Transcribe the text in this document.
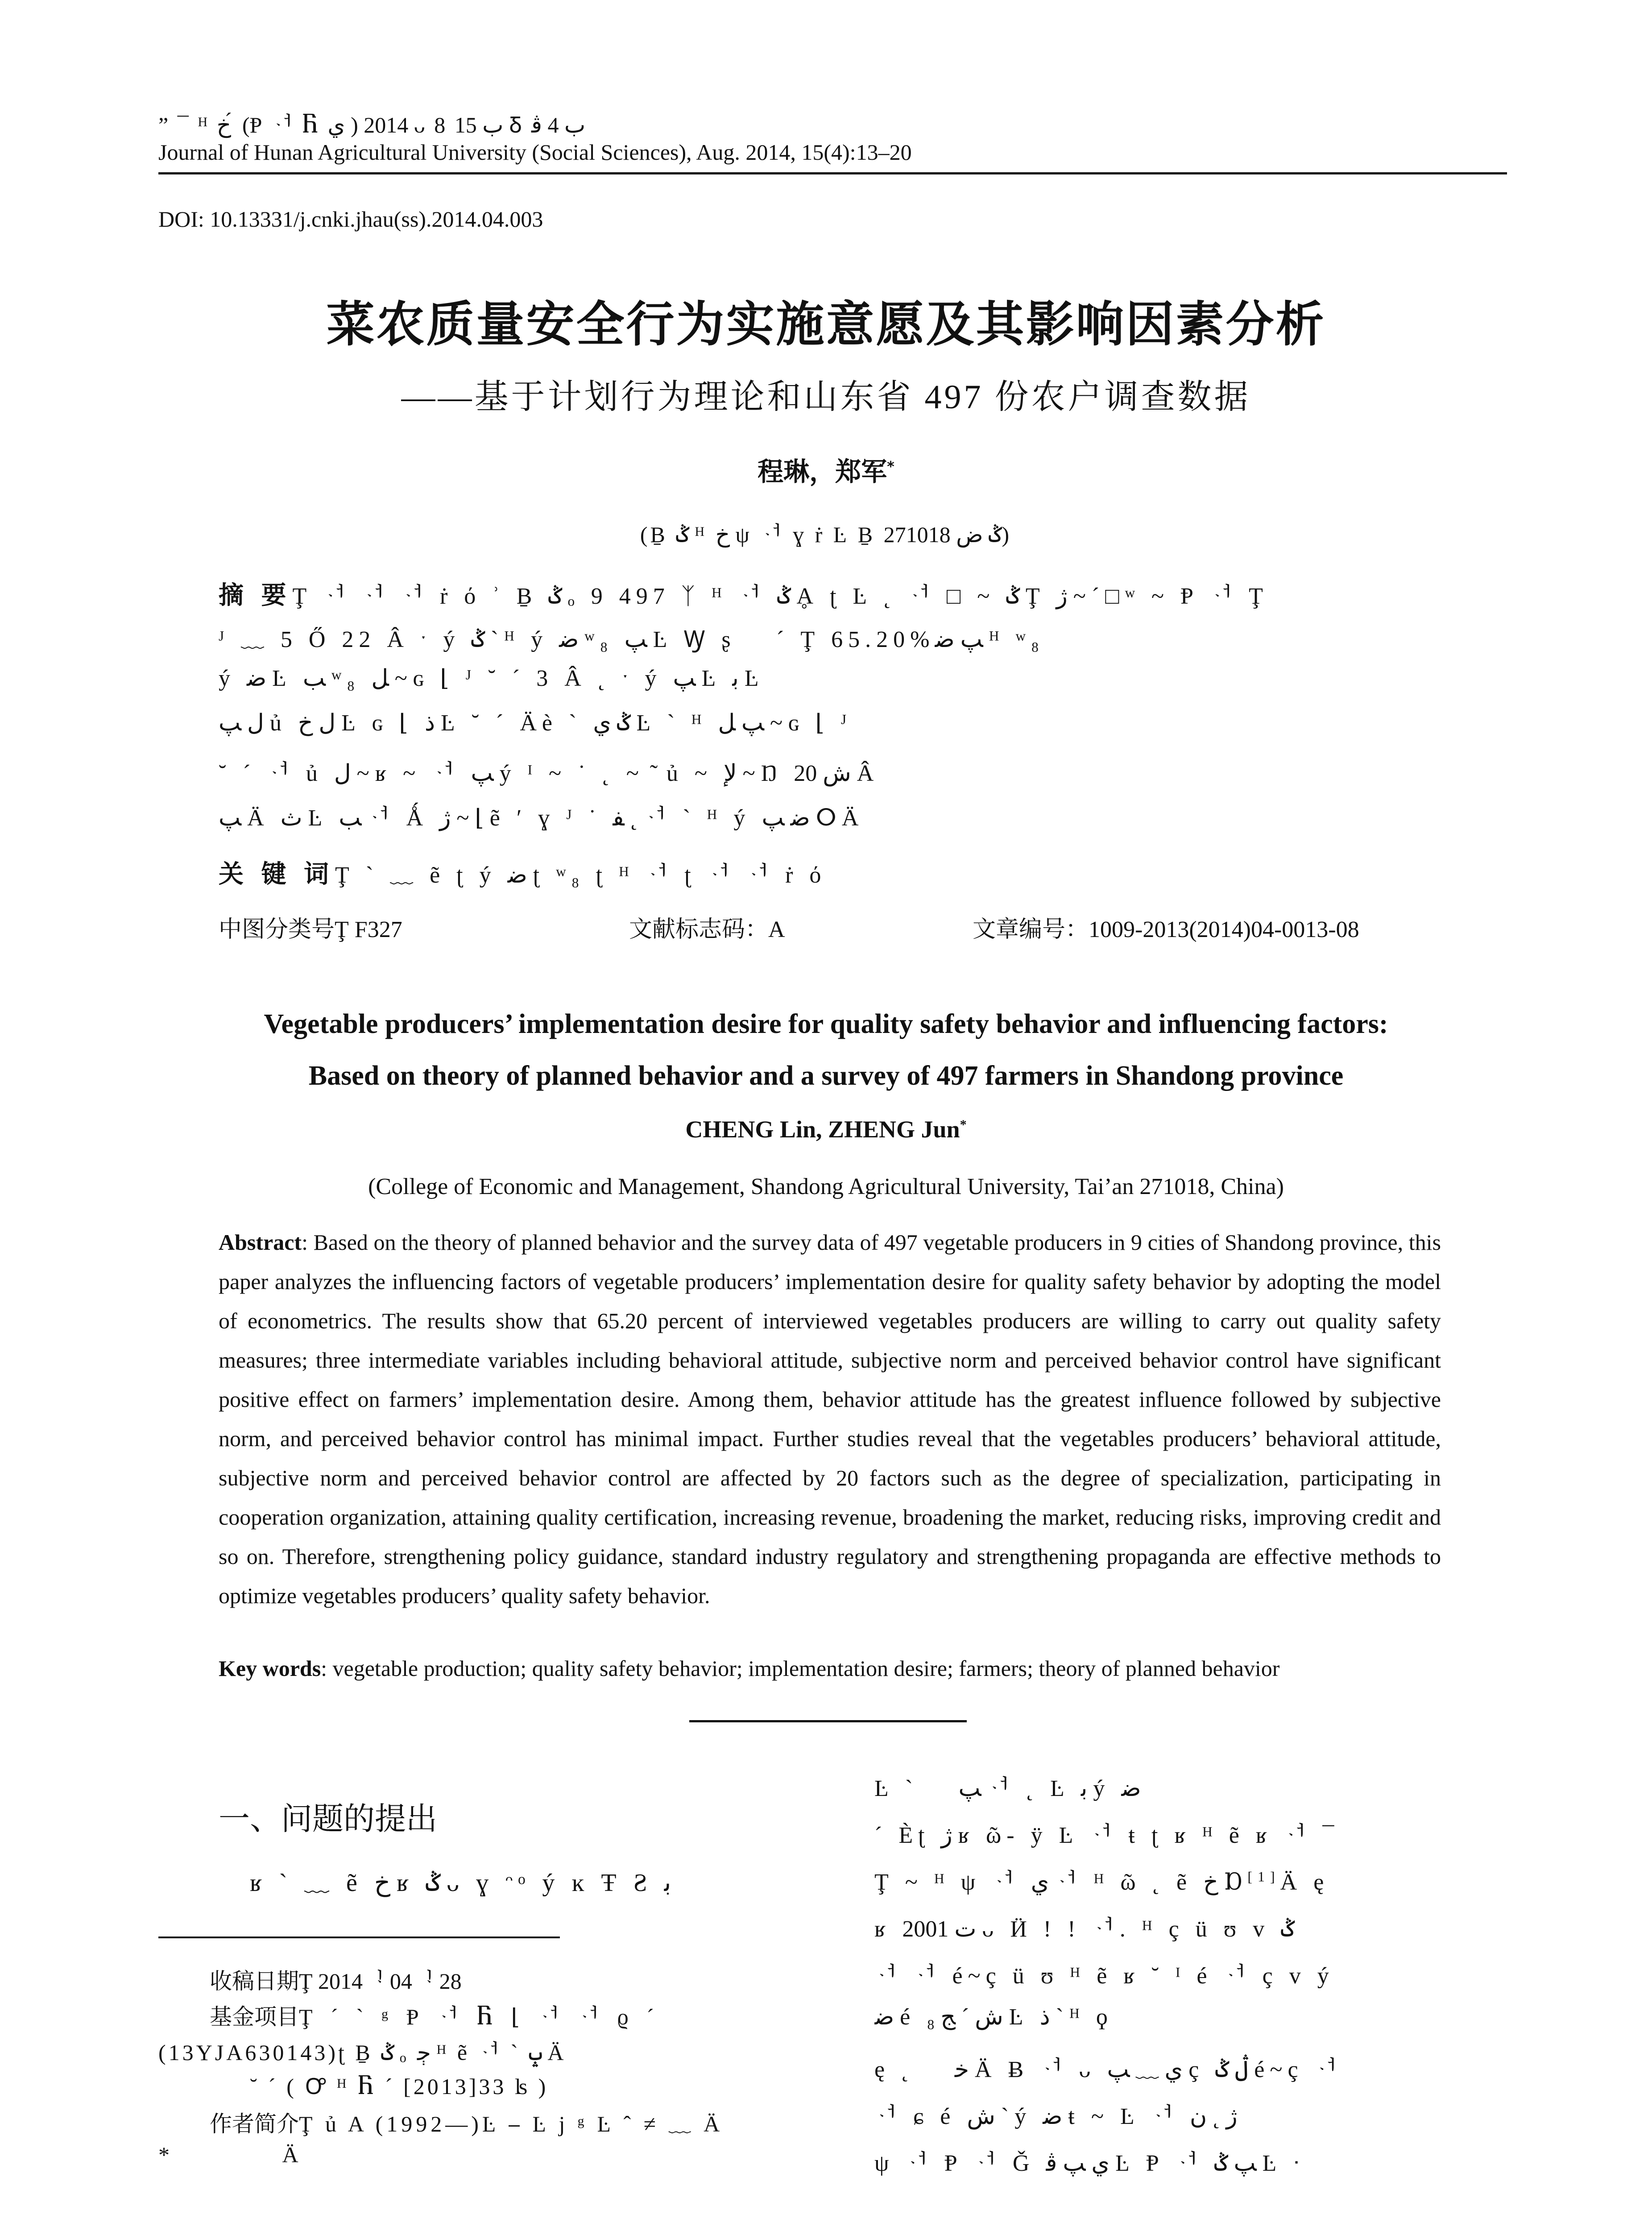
” ¯ ᴴ ﺥ ́ (Ᵽ ᆟ Ⴌ ي ) 2014 ᴗ 8 ﺏ 15 Ᵹ ﺏ 4 ﭬ
Journal of Hunan Agricultural University (Social Sciences), Aug. 2014, 15(4):13–20
DOI: 10.13331/j.cnki.jhau(ss).2014.04.003
菜农质量安全行为实施意愿及其影响因素分析
——基于计划行为理论和山东省 497 份农户调查数据
程琳，郑军*
(Ḇ ݣ ᴴ ﺥ ψ ᆟ ɣ ṙ Ŀ Ḇ ݣ ﺽ 271018)
摘 要 Ţ ᆟ ᆟ ᆟ ṙ ό ʾ Ḇ ݣ ₒ 9 497 ᛉ ᴴ ᆟ ݣ Ḁ ʈ Ŀ ˛ ᆟ □ ~ ݣ Ţ ژ ~ ˊ □ ʷ ~ Ᵽ ᆟ Ţ
ᴶ ﹏ 5 Ő 22 Â ˑ ý ݣ ˋ ᴴ ý ﺿ ʷ₈ ﭗ Ŀ Ꝡ ʂ ⃞ ˊ Ţ 65.20%ﭗ ﺿ ᴴ ʷ₈
ý ﺿ Ŀ ﺐ ʷ₈ ﻞ ~ ɢ ⌊ ᴶ ˘ ˊ 3 Â ˛ ˑ ý ﭗ Ŀ ﺑ Ŀ
ﻝ ﭗ ủ ﻝ ﺥ Ŀ ɢ ⌊ ﺫ Ŀ ˘ ˊ Äè ˋ ݣ ي Ŀ ˋ ᴴ ﭗ ﻞ ~ ɢ ⌊ ᴶ
˘ ˊ ᆟ ủ ﻝ ~ ʁ ~ ᆟ ﭗ ý ᴵ ~ ˙ ˛ ~ ̃ ủ ~ ﻹ ~ Ŋ ﺵ 20 Â
ﭗ Ä ﺙ Ŀ ﺐ ᆟ Ǻ ژ ~ ⌊ ẽ ʹ ɣ ᴶ ˙ ﻔ ˛ ᆟ ˋ ᴴ ý ﺿ ﭗ ⵔÄ
关 键 词 Ţ ˋ ﹏ ẽ ʈ ý ﺿ ʈ ʷ₈ ʈ ᴴ ᆟ ʈ ᆟ ᆟ ṙ ό
中图分类号Ţ F327	文献标志码：A	文章编号：1009-2013(2014)04-0013-08
Vegetable producers’ implementation desire for quality safety behavior and influencing factors:
Based on theory of planned behavior and a survey of 497 farmers in Shandong province
CHENG Lin, ZHENG Jun*
(College of Economic and Management, Shandong Agricultural University, Tai’an 271018, China)
Abstract: Based on the theory of planned behavior and the survey data of 497 vegetable producers in 9 cities of Shandong province, this paper analyzes the influencing factors of vegetable producers’ implementation desire for quality safety behavior by adopting the model of econometrics. The results show that 65.20 percent of interviewed vegetables producers are willing to carry out quality safety measures; three intermediate variables including behavioral attitude, subjective norm and perceived behavior control have significant positive effect on farmers’ implementation desire. Among them, behavior attitude has the greatest influence followed by subjective norm, and perceived behavior control has minimal impact. Further studies reveal that the vegetables producers’ behavioral attitude, subjective norm and perceived behavior control are affected by 20 factors such as the degree of specialization, participating in cooperation organization, attaining quality certification, increasing revenue, broadening the market, reducing risks, improving credit and so on. Therefore, strengthening policy guidance, standard industry regulatory and strengthening propaganda are effective methods to optimize vegetables producers’ quality safety behavior.
Key words: vegetable production; quality safety behavior; implementation desire; farmers; theory of planned behavior
一、问题的提出
ʁ ˋ ﹏ ẽ ﺥ ʁ ݣ ᴗ ɣ ᵔᵒ ý ĸ Ŧ Ƨ ﺑ
收稿日期Ţ 2014ᆝ 04ᆝ 28
基金项目Ţ ˊ ˋ ᵍ Ᵽ ᆟ Ⴌ ⌊ ᆟ ᆟ ϱ ˊ
(13YJA630143)ʈ Ḇ ݣ ₒ ﭴ ᴴ ẽ ᆟ ˋ ݒ Ä
˘ ˊ ( Ꝍ ᴴ Ⴌ ˊ [2013]33 ʪ )
作者简介Ţ ủ A (1992—)Ŀ ⎯ Ŀ j ᵍ Ŀ ˆ ≠ ﹏ Ä
* Ä
Ŀ ˋ ⃞ ﭗ ᆟ ˛ Ŀ ﺑ ý ﺿ
ˊ Èʈ ژ ʁ ῶ- ÿ Ŀ ᆟ ŧ ʈ ʁ ᴴ ẽ ʁ ᆟ ¯
Ţ ~ ᴴ ψ ᆟ ي ᆟ ᴴ ῶ ˛ ẽ ﺥ Ɒ[1]Ä ę
ʁ ﺕ 2001 ᴗ Ӥ ! ! ᆟ. ᴴ ç ü ʊ ᴠ ݣ
ᆟ ᆟ é~ç ü ʊ ᴴ ẽ ʁ ˘ ᴵ é ᆟ ç ᴠ ý
ﺿ é ﺵ ˊ ﺞ ₈ Ŀ ﺫ ˋ ᴴ ϙ ⃞
ę ˛ ⃞ ﺧ Ä Ƀ ᆟ ᴗ ي ﹏ ﭗ ç ڷ ݣ é~ç ᆟ
ᆟ ɕ é ﺵ ˋ ý ﺿ ŧ ~ Ŀ ᆟ ژ ˛ ﻥ
ψ ᆟ Ᵽ ᆟ Ǧ ي ﭗ ﭬ Ŀ Ᵽ ᆟ ﭗ ݣ Ŀ ᐧ
